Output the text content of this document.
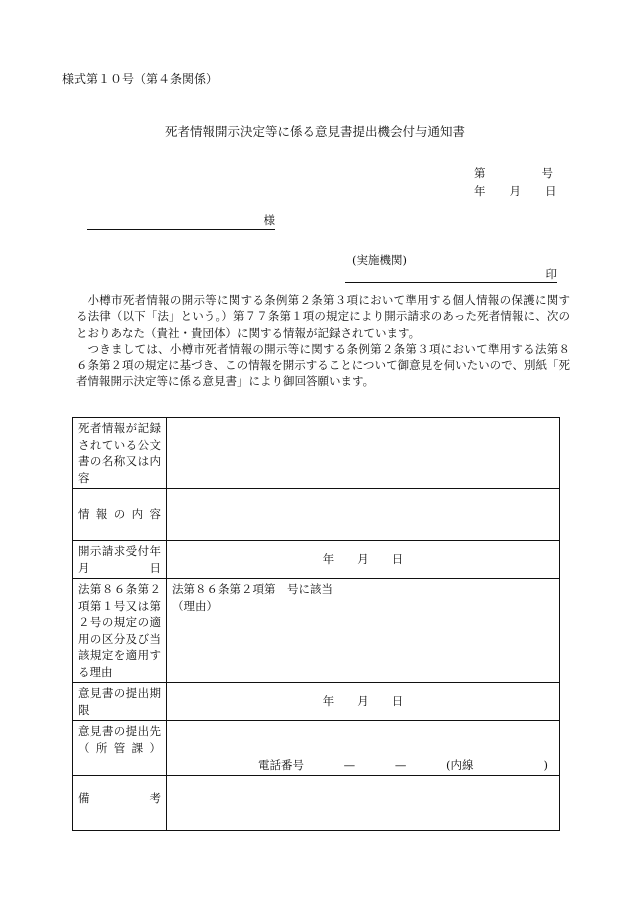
様式第１０号（第４条関係）
死者情報開示決定等に係る意見書提出機会付与通知書
第	号
年 月 日
様
(実施機関)
印

小樽市死者情報の開示等に関する条例第２条第３項において準用する個人情報の保護に関する法律（以下「法」という。）第７７条第１項の規定により開示請求のあった死者情報に、次のとおりあなた（貴社・貴団体）に関する情報が記録されています。

つきましては、小樽市死者情報の開示等に関する条例第２条第３項において準用する法第８６条第２項の規定に基づき、この情報を開示することについて御意見を伺いたいので、別紙「死者情報開示決定等に係る意見書」により御回答願います。

死者情報が記録されている公文書の名称又は内容	
情報の内容	
開示請求受付年月日	年　　月　　日
法第８６条第２項第１号又は第２号の規定の適用の区分及び当該規定を適用する理由	法第８６条第２項第　号に該当
（理由）

意見書の提出期限	年　　月　　日
意見書の提出先（所管課）	電話番号 — — (内線 )

備 考	
